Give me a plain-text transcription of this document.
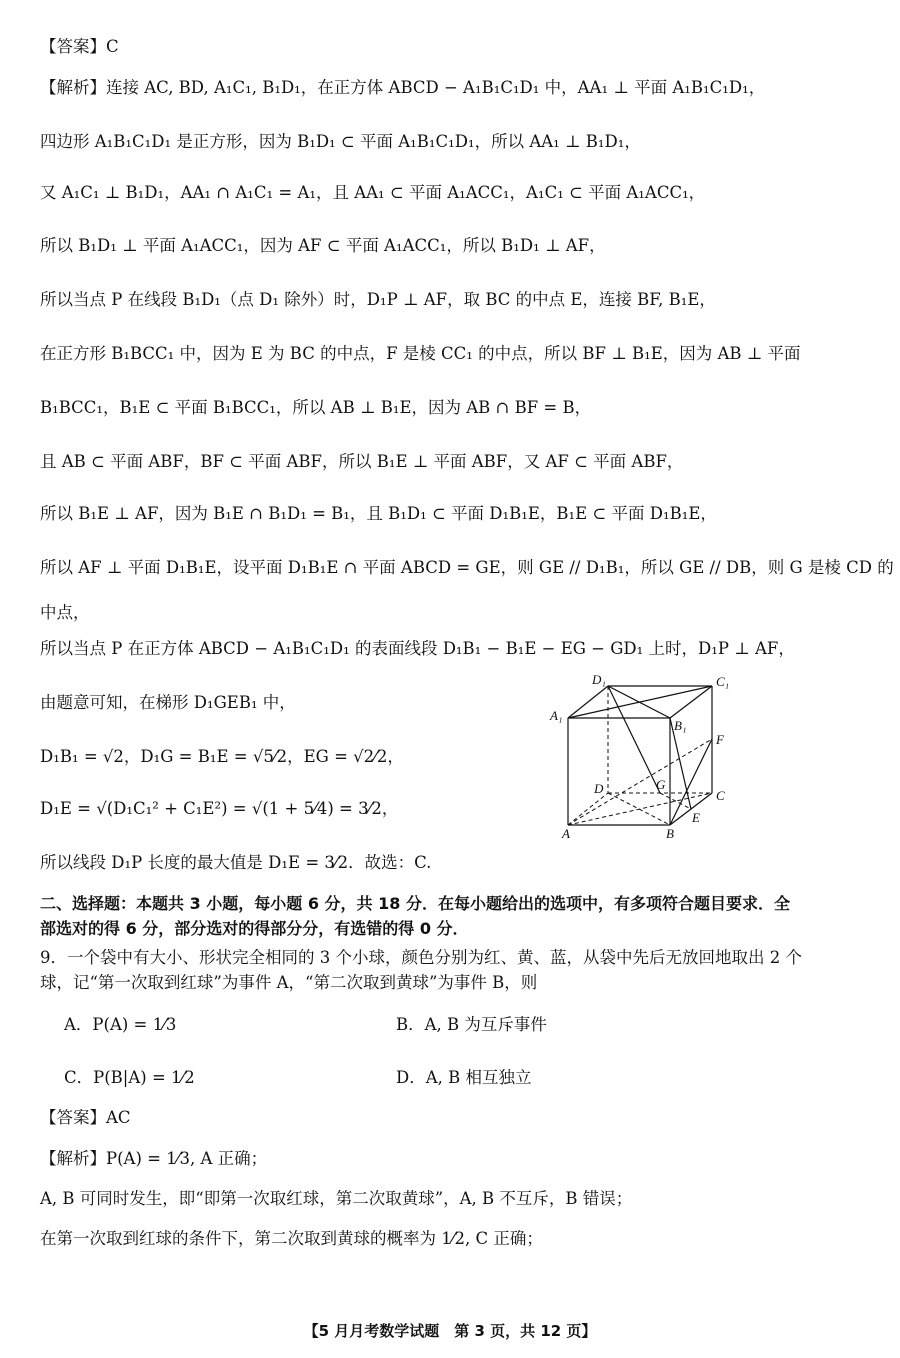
【答案】C
【解析】连接 AC, BD, A₁C₁, B₁D₁，在正方体 ABCD − A₁B₁C₁D₁ 中，AA₁ ⊥ 平面 A₁B₁C₁D₁，
四边形 A₁B₁C₁D₁ 是正方形，因为 B₁D₁ ⊂ 平面 A₁B₁C₁D₁，所以 AA₁ ⊥ B₁D₁，
又 A₁C₁ ⊥ B₁D₁，AA₁ ∩ A₁C₁ = A₁，且 AA₁ ⊂ 平面 A₁ACC₁，A₁C₁ ⊂ 平面 A₁ACC₁，
所以 B₁D₁ ⊥ 平面 A₁ACC₁，因为 AF ⊂ 平面 A₁ACC₁，所以 B₁D₁ ⊥ AF，
所以当点 P 在线段 B₁D₁（点 D₁ 除外）时，D₁P ⊥ AF，取 BC 的中点 E，连接 BF, B₁E，
在正方形 B₁BCC₁ 中，因为 E 为 BC 的中点，F 是棱 CC₁ 的中点，所以 BF ⊥ B₁E，因为 AB ⊥ 平面
B₁BCC₁，B₁E ⊂ 平面 B₁BCC₁，所以 AB ⊥ B₁E，因为 AB ∩ BF = B，
且 AB ⊂ 平面 ABF，BF ⊂ 平面 ABF，所以 B₁E ⊥ 平面 ABF，又 AF ⊂ 平面 ABF，
所以 B₁E ⊥ AF，因为 B₁E ∩ B₁D₁ = B₁，且 B₁D₁ ⊂ 平面 D₁B₁E，B₁E ⊂ 平面 D₁B₁E，
所以 AF ⊥ 平面 D₁B₁E，设平面 D₁B₁E ∩ 平面 ABCD = GE，则 GE // D₁B₁，所以 GE // DB，则 G 是棱 CD 的
中点，
所以当点 P 在正方体 ABCD − A₁B₁C₁D₁ 的表面线段 D₁B₁ − B₁E − EG − GD₁ 上时，D₁P ⊥ AF，
由题意可知，在梯形 D₁GEB₁ 中，
D₁B₁ = √2，D₁G = B₁E = √5⁄2，EG = √2⁄2，
D₁E = √(D₁C₁² + C₁E²) = √(1 + 5⁄4) = 3⁄2，
所以线段 D₁P 长度的最大值是 D₁E = 3⁄2．故选：C.
D₁	C₁
A₁
B₁
F
D	G
C
A	B
E
二、选择题：本题共 3 小题，每小题 6 分，共 18 分．在每小题给出的选项中，有多项符合题目要求．全
部选对的得 6 分，部分选对的得部分分，有选错的得 0 分．
9．一个袋中有大小、形状完全相同的 3 个小球，颜色分别为红、黄、蓝，从袋中先后无放回地取出 2 个
球，记“第一次取到红球”为事件 A，“第二次取到黄球”为事件 B，则
A．P(A) = 1⁄3	B．A, B 为互斥事件
C．P(B|A) = 1⁄2	D．A, B 相互独立
【答案】AC
【解析】P(A) = 1⁄3, A 正确；
A, B 可同时发生，即“即第一次取红球，第二次取黄球”，A, B 不互斥，B 错误；
在第一次取到红球的条件下，第二次取到黄球的概率为 1⁄2, C 正确；
【5 月月考数学试题　第 3 页，共 12 页】
